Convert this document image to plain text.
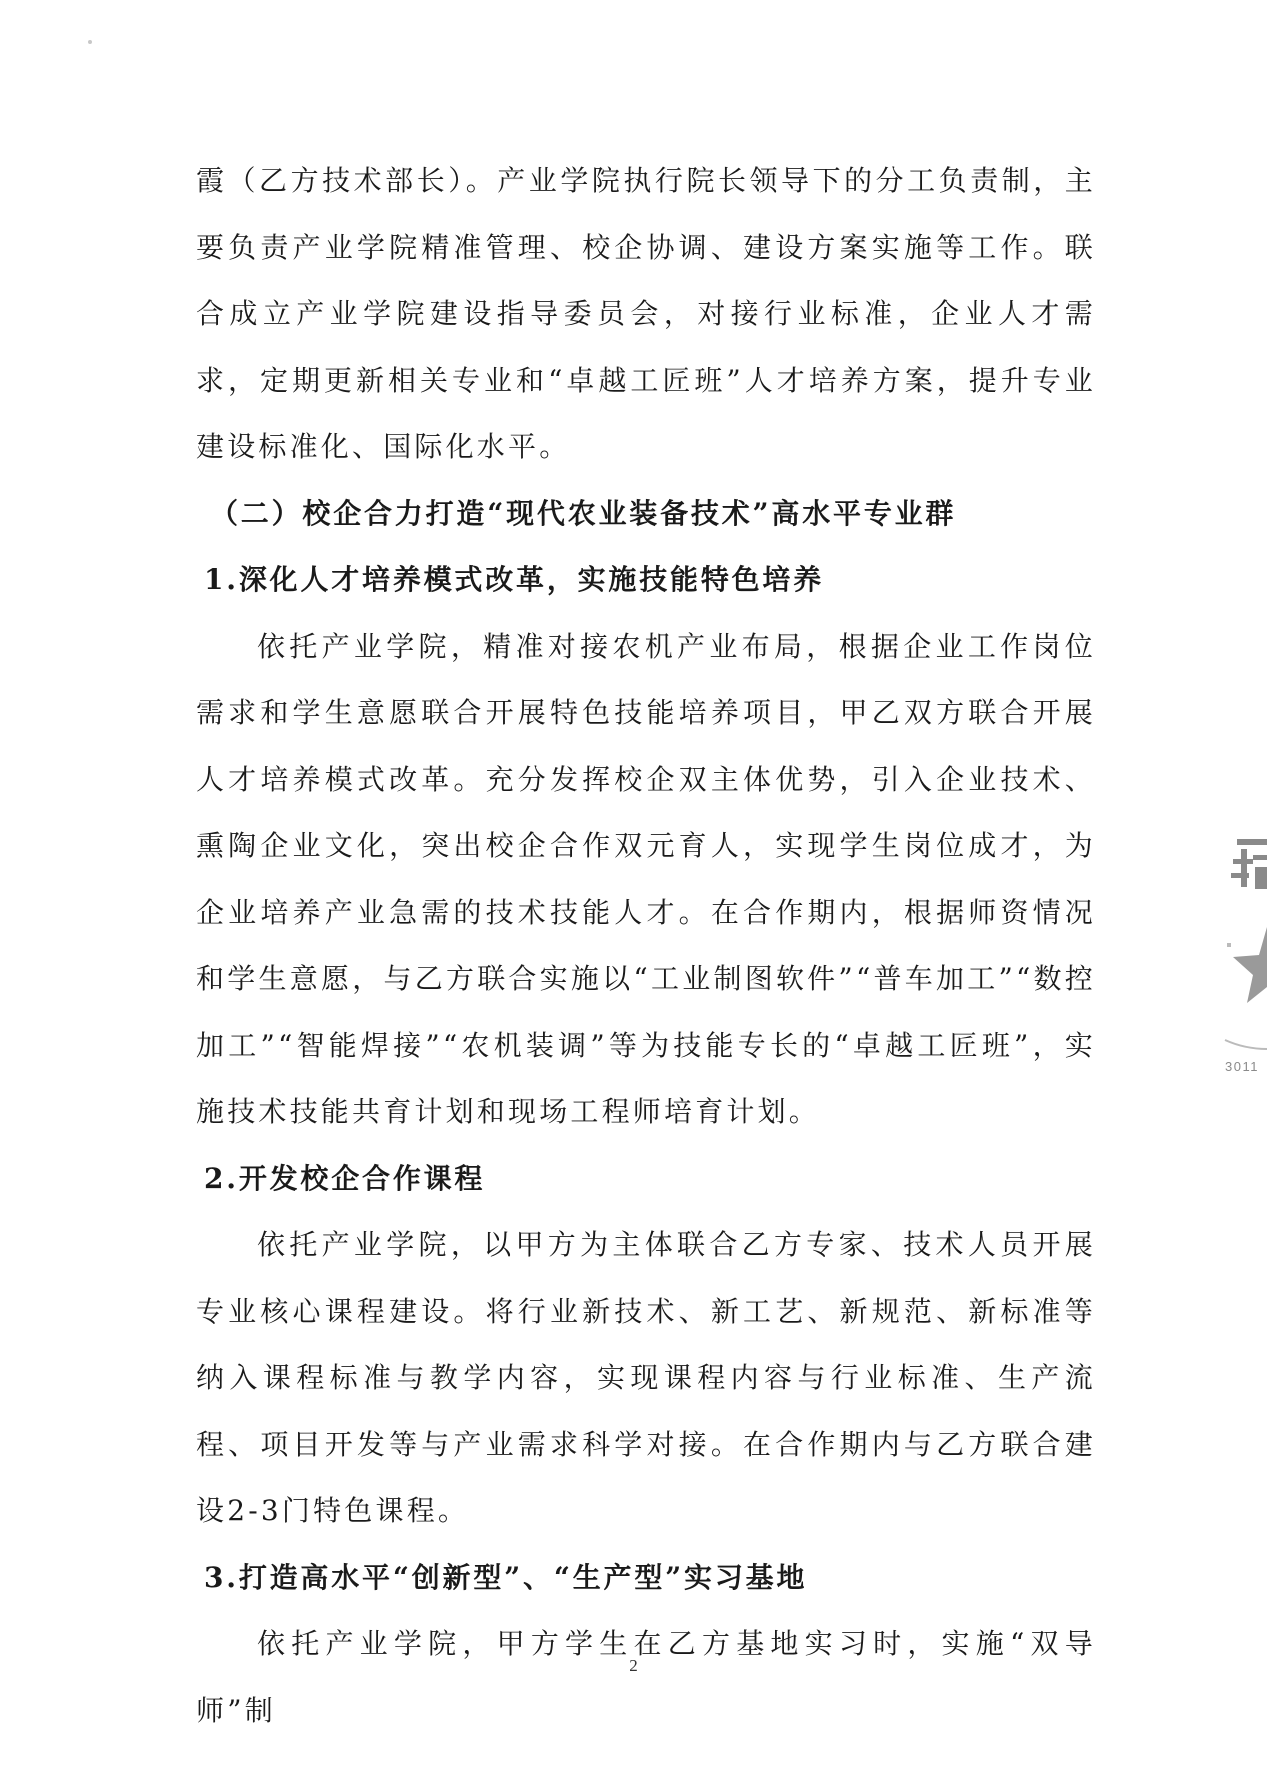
霞（乙方技术部长）。产业学院执行院长领导下的分工负责制，主要负责产业学院精准管理、校企协调、建设方案实施等工作。联合成立产业学院建设指导委员会，对接行业标准，企业人才需求，定期更新相关专业和“卓越工匠班”人才培养方案，提升专业建设标准化、国际化水平。

（二）校企合力打造“现代农业装备技术”高水平专业群

1.深化人才培养模式改革，实施技能特色培养

依托产业学院，精准对接农机产业布局，根据企业工作岗位需求和学生意愿联合开展特色技能培养项目，甲乙双方联合开展人才培养模式改革。充分发挥校企双主体优势，引入企业技术、熏陶企业文化，突出校企合作双元育人，实现学生岗位成才，为企业培养产业急需的技术技能人才。在合作期内，根据师资情况和学生意愿，与乙方联合实施以“工业制图软件”“普车加工”“数控加工”“智能焊接”“农机装调”等为技能专长的“卓越工匠班”，实施技术技能共育计划和现场工程师培育计划。

2.开发校企合作课程

依托产业学院，以甲方为主体联合乙方专家、技术人员开展专业核心课程建设。将行业新技术、新工艺、新规范、新标准等纳入课程标准与教学内容，实现课程内容与行业标准、生产流程、项目开发等与产业需求科学对接。在合作期内与乙方联合建设2-3门特色课程。

3.打造高水平“创新型”、“生产型”实习基地

依托产业学院，甲方学生在乙方基地实习时，实施“双导师”制

3011
2
